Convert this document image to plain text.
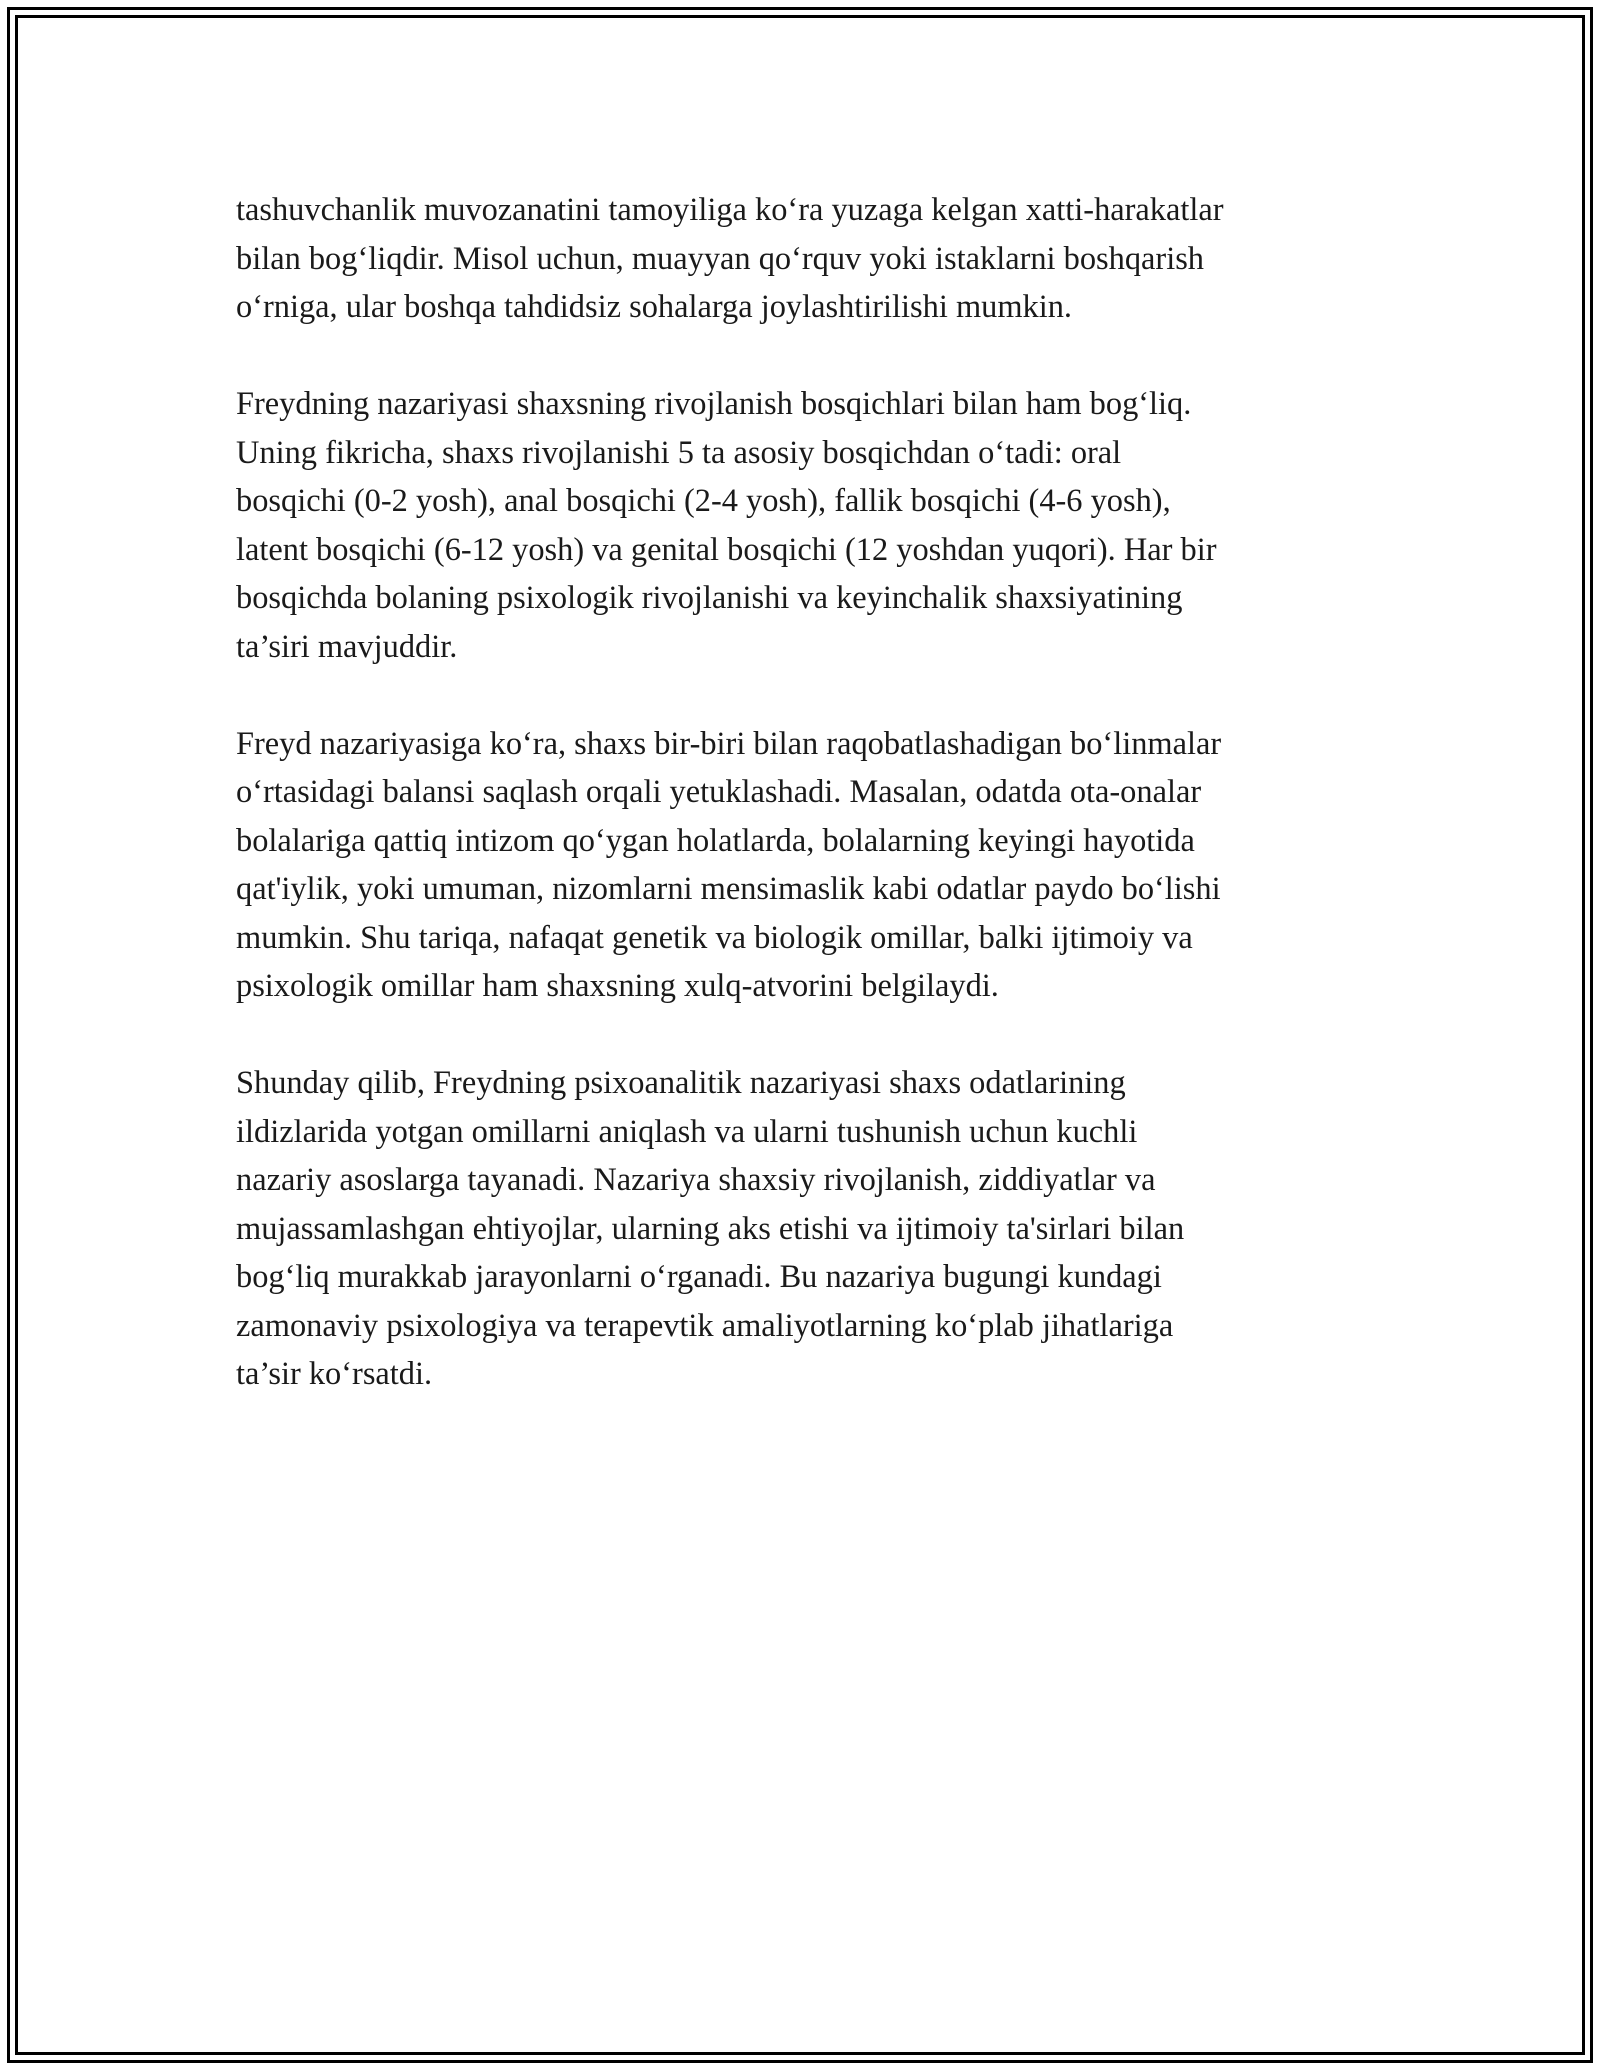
tashuvchanlik muvozanatini tamoyiliga ko‘ra yuzaga kelgan xatti-harakatlar
bilan bog‘liqdir. Misol uchun, muayyan qo‘rquv yoki istaklarni boshqarish
o‘rniga, ular boshqa tahdidsiz sohalarga joylashtirilishi mumkin.

Freydning nazariyasi shaxsning rivojlanish bosqichlari bilan ham bog‘liq.
Uning fikricha, shaxs rivojlanishi 5 ta asosiy bosqichdan o‘tadi: oral
bosqichi (0-2 yosh), anal bosqichi (2-4 yosh), fallik bosqichi (4-6 yosh),
latent bosqichi (6-12 yosh) va genital bosqichi (12 yoshdan yuqori). Har bir
bosqichda bolaning psixologik rivojlanishi va keyinchalik shaxsiyatining
ta’siri mavjuddir.

Freyd nazariyasiga ko‘ra, shaxs bir-biri bilan raqobatlashadigan bo‘linmalar
o‘rtasidagi balansi saqlash orqali yetuklashadi. Masalan, odatda ota-onalar
bolalariga qattiq intizom qo‘ygan holatlarda, bolalarning keyingi hayotida
qat'iylik, yoki umuman, nizomlarni mensimaslik kabi odatlar paydo bo‘lishi
mumkin. Shu tariqa, nafaqat genetik va biologik omillar, balki ijtimoiy va
psixologik omillar ham shaxsning xulq-atvorini belgilaydi.

Shunday qilib, Freydning psixoanalitik nazariyasi shaxs odatlarining
ildizlarida yotgan omillarni aniqlash va ularni tushunish uchun kuchli
nazariy asoslarga tayanadi. Nazariya shaxsiy rivojlanish, ziddiyatlar va
mujassamlashgan ehtiyojlar, ularning aks etishi va ijtimoiy ta'sirlari bilan
bog‘liq murakkab jarayonlarni o‘rganadi. Bu nazariya bugungi kundagi
zamonaviy psixologiya va terapevtik amaliyotlarning ko‘plab jihatlariga
ta’sir ko‘rsatdi.
